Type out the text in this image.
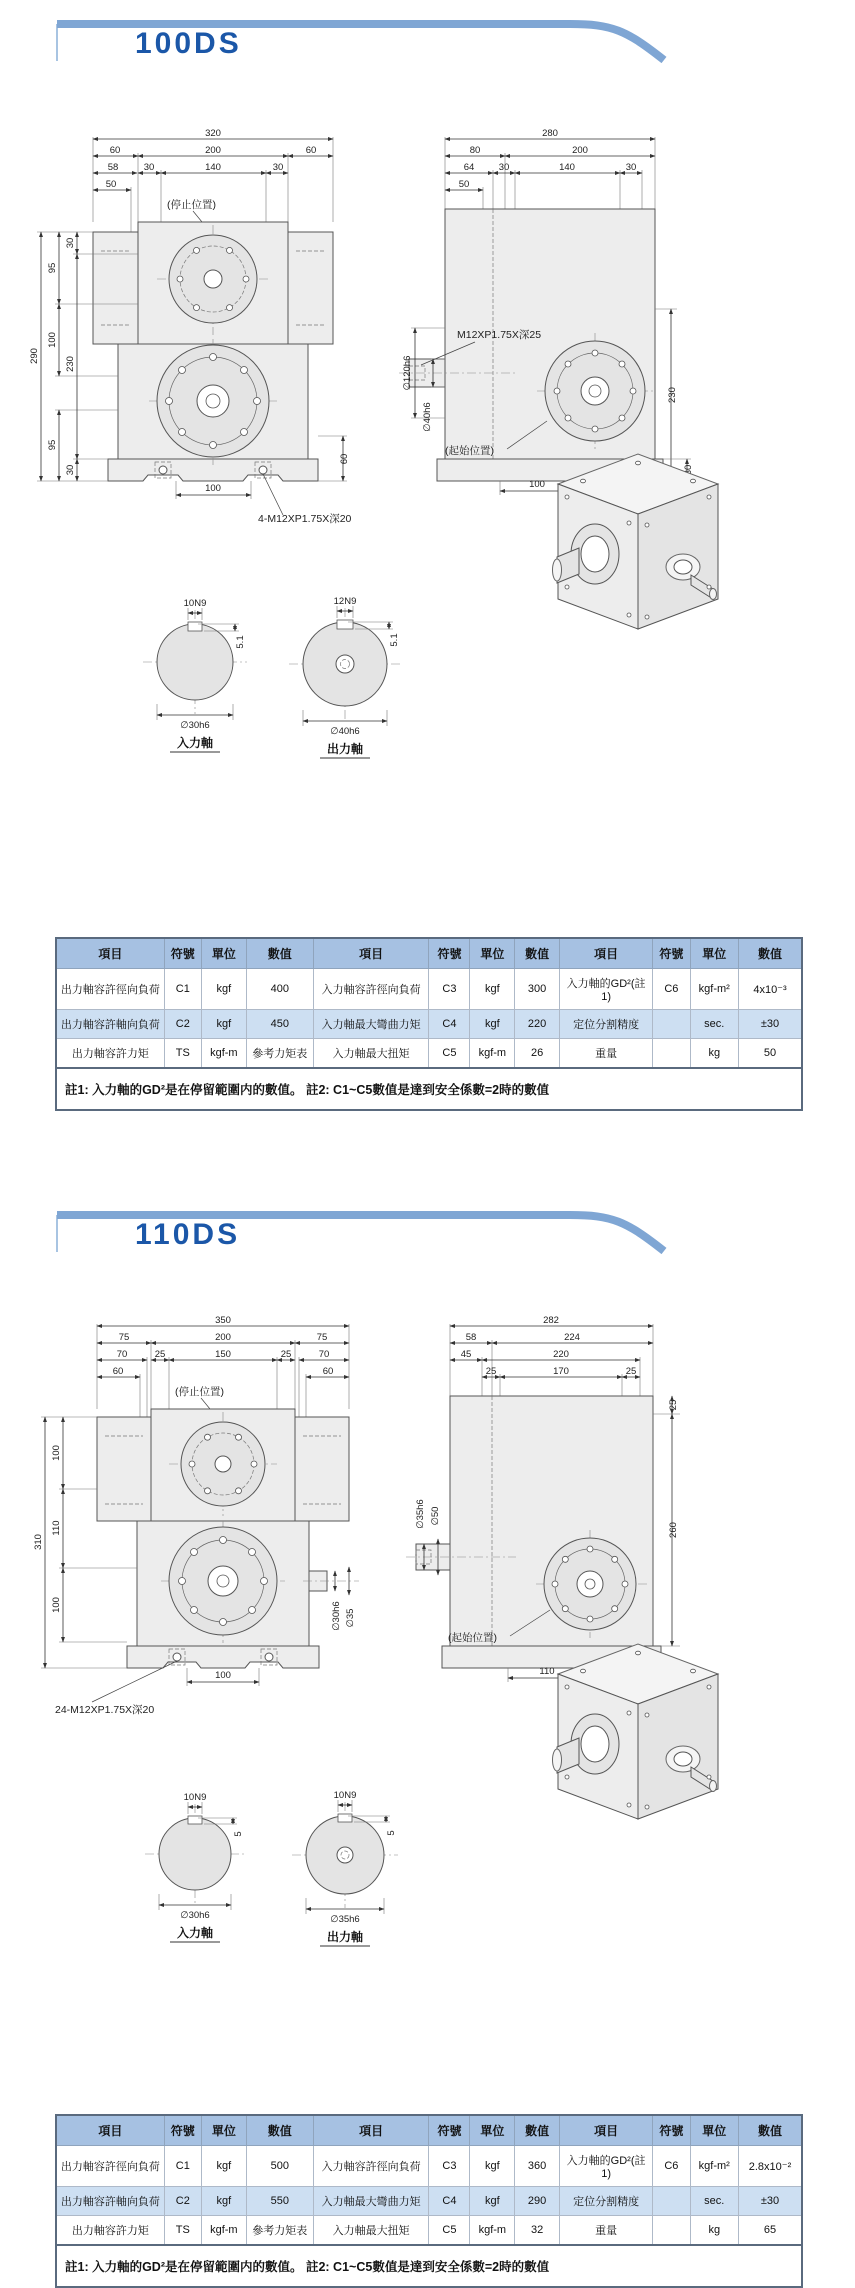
100DS
320
60	200	60
58	30	140	30
50
(停止位置)
290
95
100
95
30
230
30
100
60
4-M12XP1.75X深20
280
80	200
64	30	140	30
50
∅120h6
∅40h6
M12XP1.75X深25
(起始位置)
230
30
100
10N9
5.1
∅30h6
入力軸
12N9
5.1
∅40h6
出力軸
項目	符號	單位	數值	項目	符號	單位	數值	項目	符號	單位	數值
出力軸容許徑向負荷	C1	kgf	400	入力軸容許徑向負荷	C3	kgf	300	入力軸的GD²(註1)	C6	kgf-m²	4x10⁻³
出力軸容許軸向負荷	C2	kgf	450	入力軸最大彎曲力矩	C4	kgf	220	定位分割精度		sec.	±30
出力軸容許力矩	TS	kgf-m	參考力矩表	入力軸最大扭矩	C5	kgf-m	26	重量		kg	50
註1: 入力軸的GD²是在停留範圍内的數值。 註2: C1~C5數值是達到安全係數=2時的數值											
110DS
350
75	200	75
70	25	150	25	70
60	60
(停止位置)
∅30h6 ∅35
310
100
110
100
100
24-M12XP1.75X深20
282
58	224
45	220
25	170	25
∅50
∅35h6
(起始位置)
25
260
110
10N9
5
∅30h6
入力軸
10N9
5
∅35h6
出力軸
項目	符號	單位	數值	項目	符號	單位	數值	項目	符號	單位	數值
出力軸容許徑向負荷	C1	kgf	500	入力軸容許徑向負荷	C3	kgf	360	入力軸的GD²(註1)	C6	kgf-m²	2.8x10⁻²
出力軸容許軸向負荷	C2	kgf	550	入力軸最大彎曲力矩	C4	kgf	290	定位分割精度		sec.	±30
出力軸容許力矩	TS	kgf-m	參考力矩表	入力軸最大扭矩	C5	kgf-m	32	重量		kg	65
註1: 入力軸的GD²是在停留範圍内的數值。 註2: C1~C5數值是達到安全係數=2時的數值											
